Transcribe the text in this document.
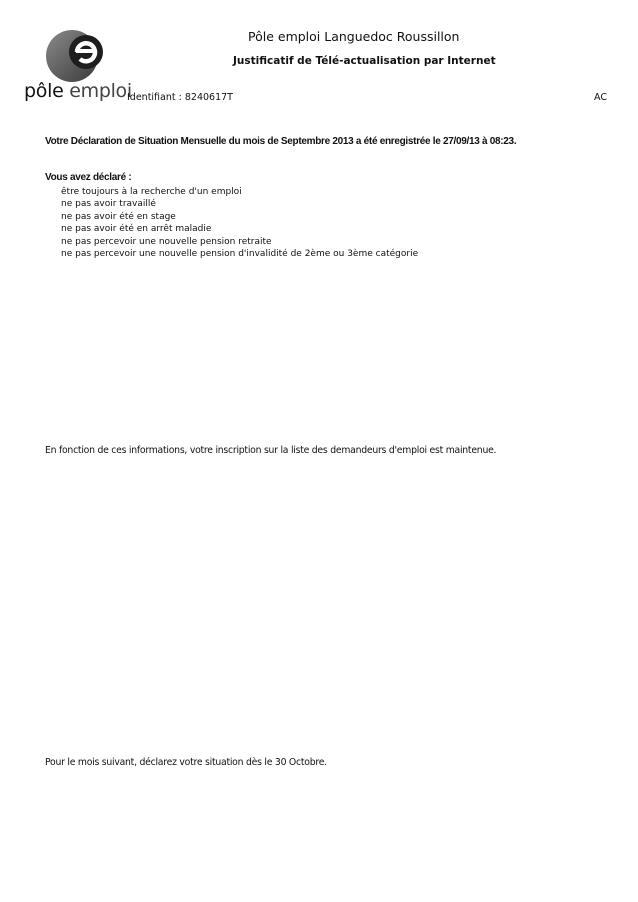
pôle emploi
Pôle emploi Languedoc Roussillon
Justificatif de Télé-actualisation par Internet
Identifiant : 8240617T	AC
Votre Déclaration de Situation Mensuelle du mois de Septembre 2013 a été enregistrée le 27/09/13 à 08:23.
Vous avez déclaré :
être toujours à la recherche d'un emploi
ne pas avoir travaillé
ne pas avoir été en stage
ne pas avoir été en arrêt maladie
ne pas percevoir une nouvelle pension retraite
ne pas percevoir une nouvelle pension d'invalidité de 2ème ou 3ème catégorie
En fonction de ces informations, votre inscription sur la liste des demandeurs d'emploi est maintenue.
Pour le mois suivant, déclarez votre situation dès le 30 Octobre.
